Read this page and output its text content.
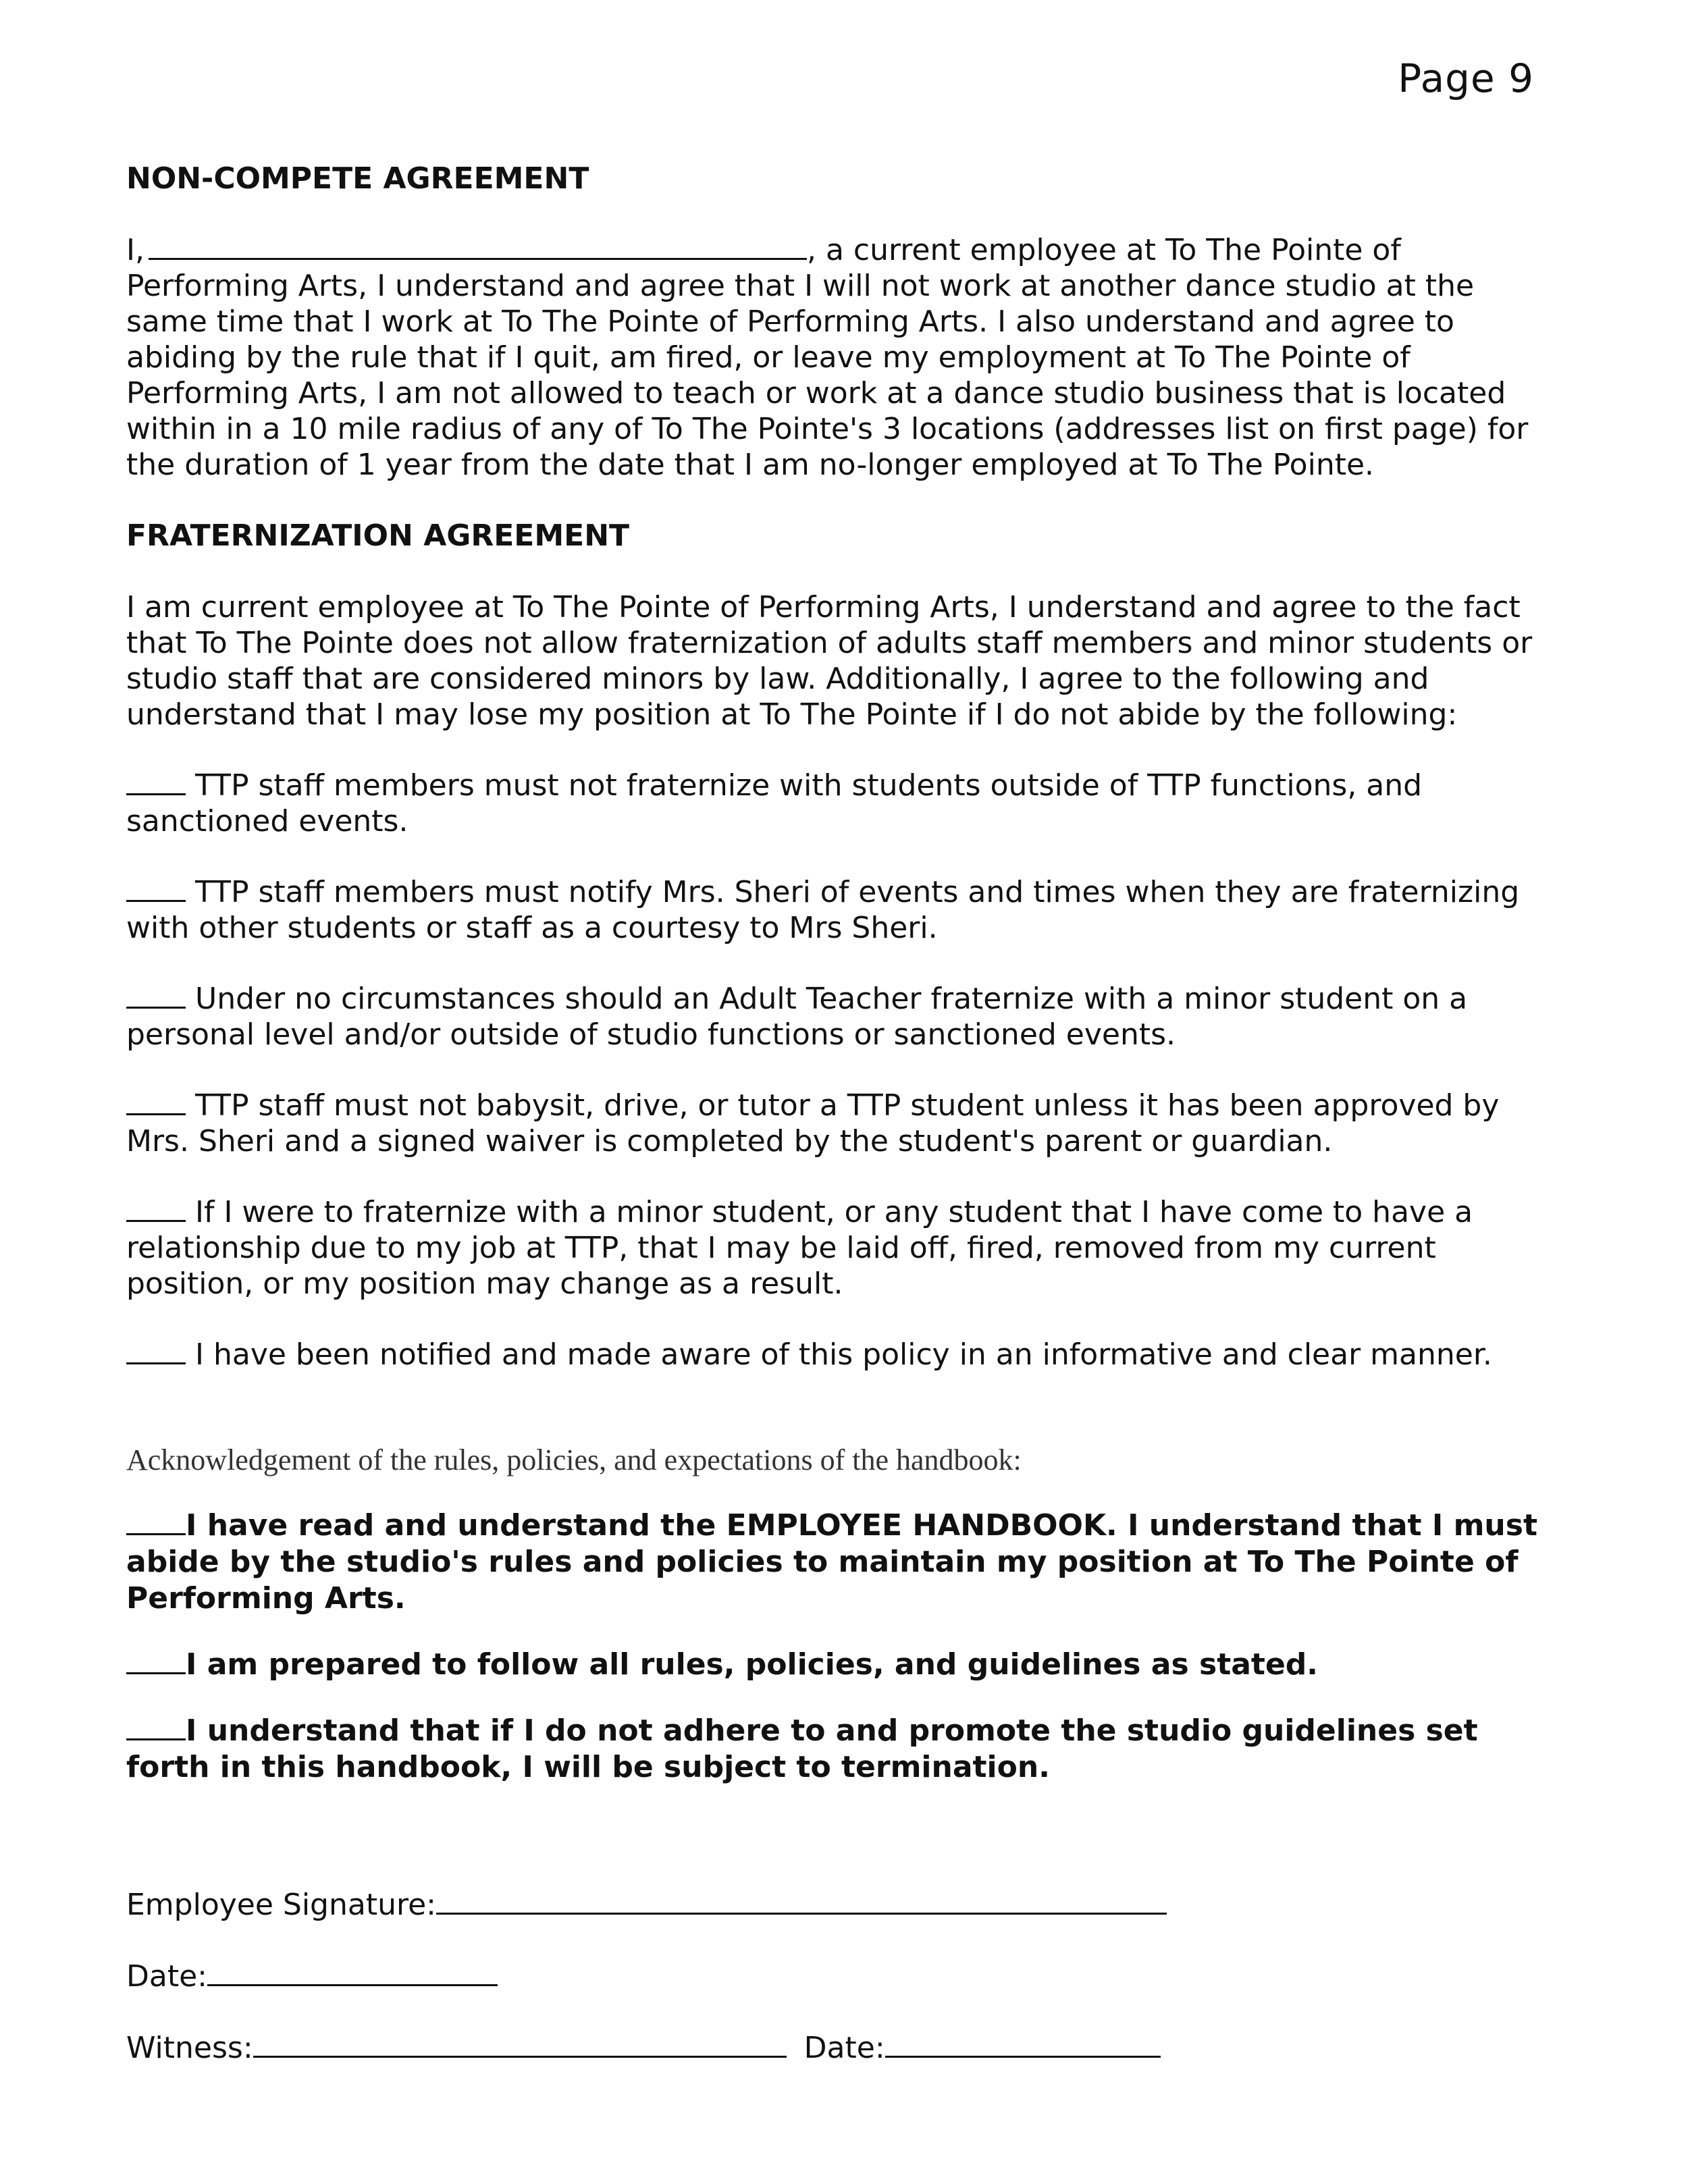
Page 9

NON-COMPETE AGREEMENT

I,	, a current employee at To The Pointe of Performing Arts, I understand and agree that I will not work at another dance studio at the same time that I work at To The Pointe of Performing Arts. I also understand and agree to abiding by the rule that if I quit, am fired, or leave my employment at To The Pointe of Performing Arts, I am not allowed to teach or work at a dance studio business that is located within in a 10 mile radius of any of To The Pointe's 3 locations (addresses list on first page) for the duration of 1 year from the date that I am no-longer employed at To The Pointe.

FRATERNIZATION AGREEMENT

I am current employee at To The Pointe of Performing Arts, I understand and agree to the fact that To The Pointe does not allow fraternization of adults staff members and minor students or studio staff that are considered minors by law. Additionally, I agree to the following and understand that I may lose my position at To The Pointe if I do not abide by the following:

TTP staff members must not fraternize with students outside of TTP functions, and sanctioned events.

TTP staff members must notify Mrs. Sheri of events and times when they are fraternizing with other students or staff as a courtesy to Mrs Sheri.

Under no circumstances should an Adult Teacher fraternize with a minor student on a personal level and/or outside of studio functions or sanctioned events.

TTP staff must not babysit, drive, or tutor a TTP student unless it has been approved by Mrs. Sheri and a signed waiver is completed by the student's parent or guardian.

If I were to fraternize with a minor student, or any student that I have come to have a relationship due to my job at TTP, that I may be laid off, fired, removed from my current position, or my position may change as a result.

I have been notified and made aware of this policy in an informative and clear manner.

Acknowledgement of the rules, policies, and expectations of the handbook:

I have read and understand the EMPLOYEE HANDBOOK. I understand that I must abide by the studio's rules and policies to maintain my position at To The Pointe of Performing Arts.

I am prepared to follow all rules, policies, and guidelines as stated.

I understand that if I do not adhere to and promote the studio guidelines set forth in this handbook, I will be subject to termination.

Employee Signature:

Date:

Witness:	Date:
